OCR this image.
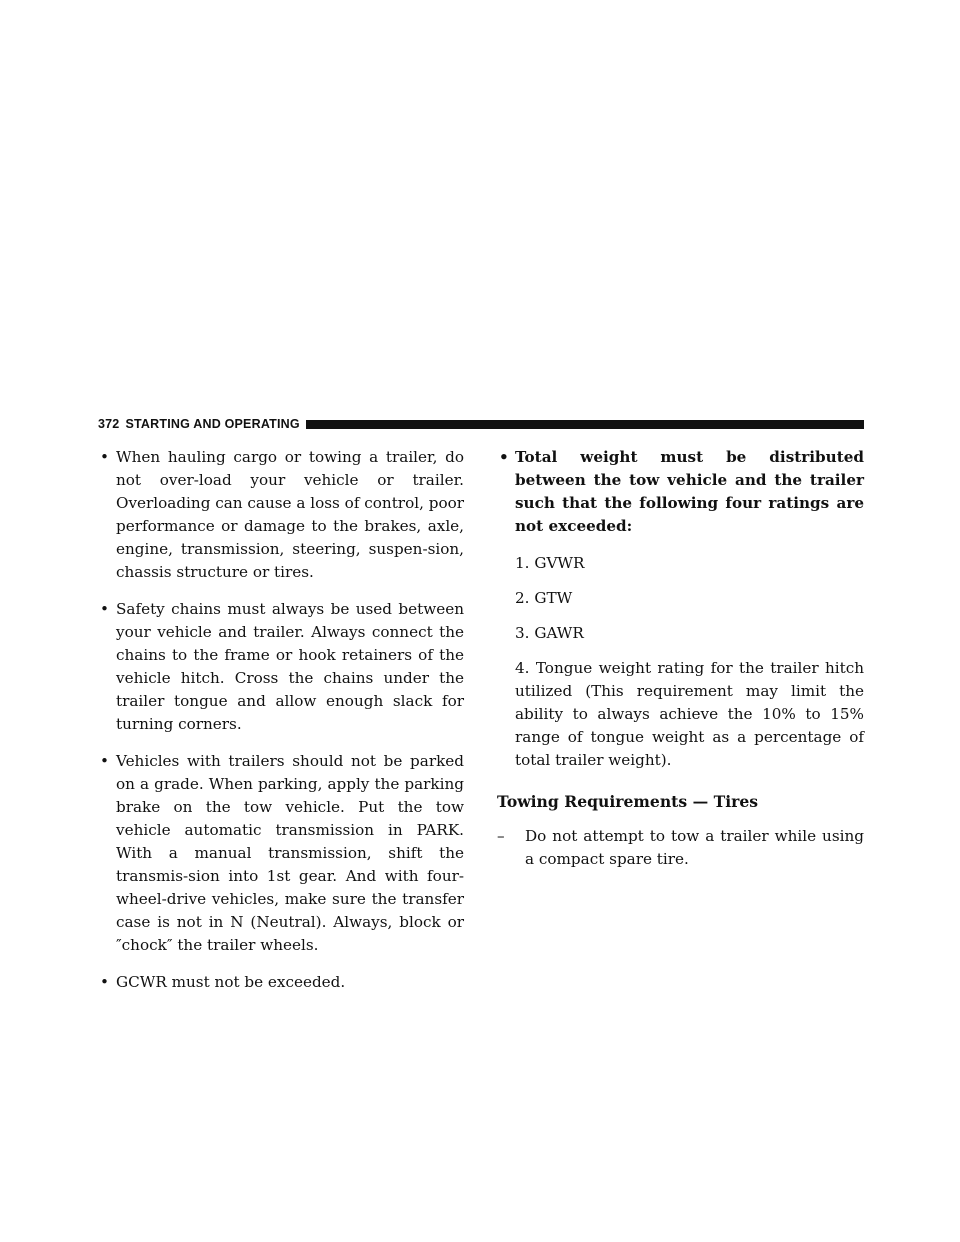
372 STARTING AND OPERATING
• When hauling cargo or towing a trailer, do not over-load your vehicle or trailer. Overloading can cause a loss of control, poor performance or damage to the brakes, axle, engine, transmission, steering, suspen-sion, chassis structure or tires.
• Safety chains must always be used between your vehicle and trailer. Always connect the chains to the frame or hook retainers of the vehicle hitch. Cross the chains under the trailer tongue and allow enough slack for turning corners.
• Vehicles with trailers should not be parked on a grade. When parking, apply the parking brake on the tow vehicle. Put the tow vehicle automatic transmission in PARK. With a manual transmission, shift the transmis-sion into 1st gear. And with four-wheel-drive vehicles, make sure the transfer case is not in N (Neutral). Always, block or ″chock″ the trailer wheels.
• GCWR must not be exceeded.
• Total weight must be distributed between the tow vehicle and the trailer such that the following four ratings are not exceeded:
1. GVWR
2. GTW
3. GAWR
4. Tongue weight rating for the trailer hitch utilized (This requirement may limit the ability to always achieve the 10% to 15% range of tongue weight as a percentage of total trailer weight).
Towing Requirements — Tires
– Do not attempt to tow a trailer while using a compact spare tire.
